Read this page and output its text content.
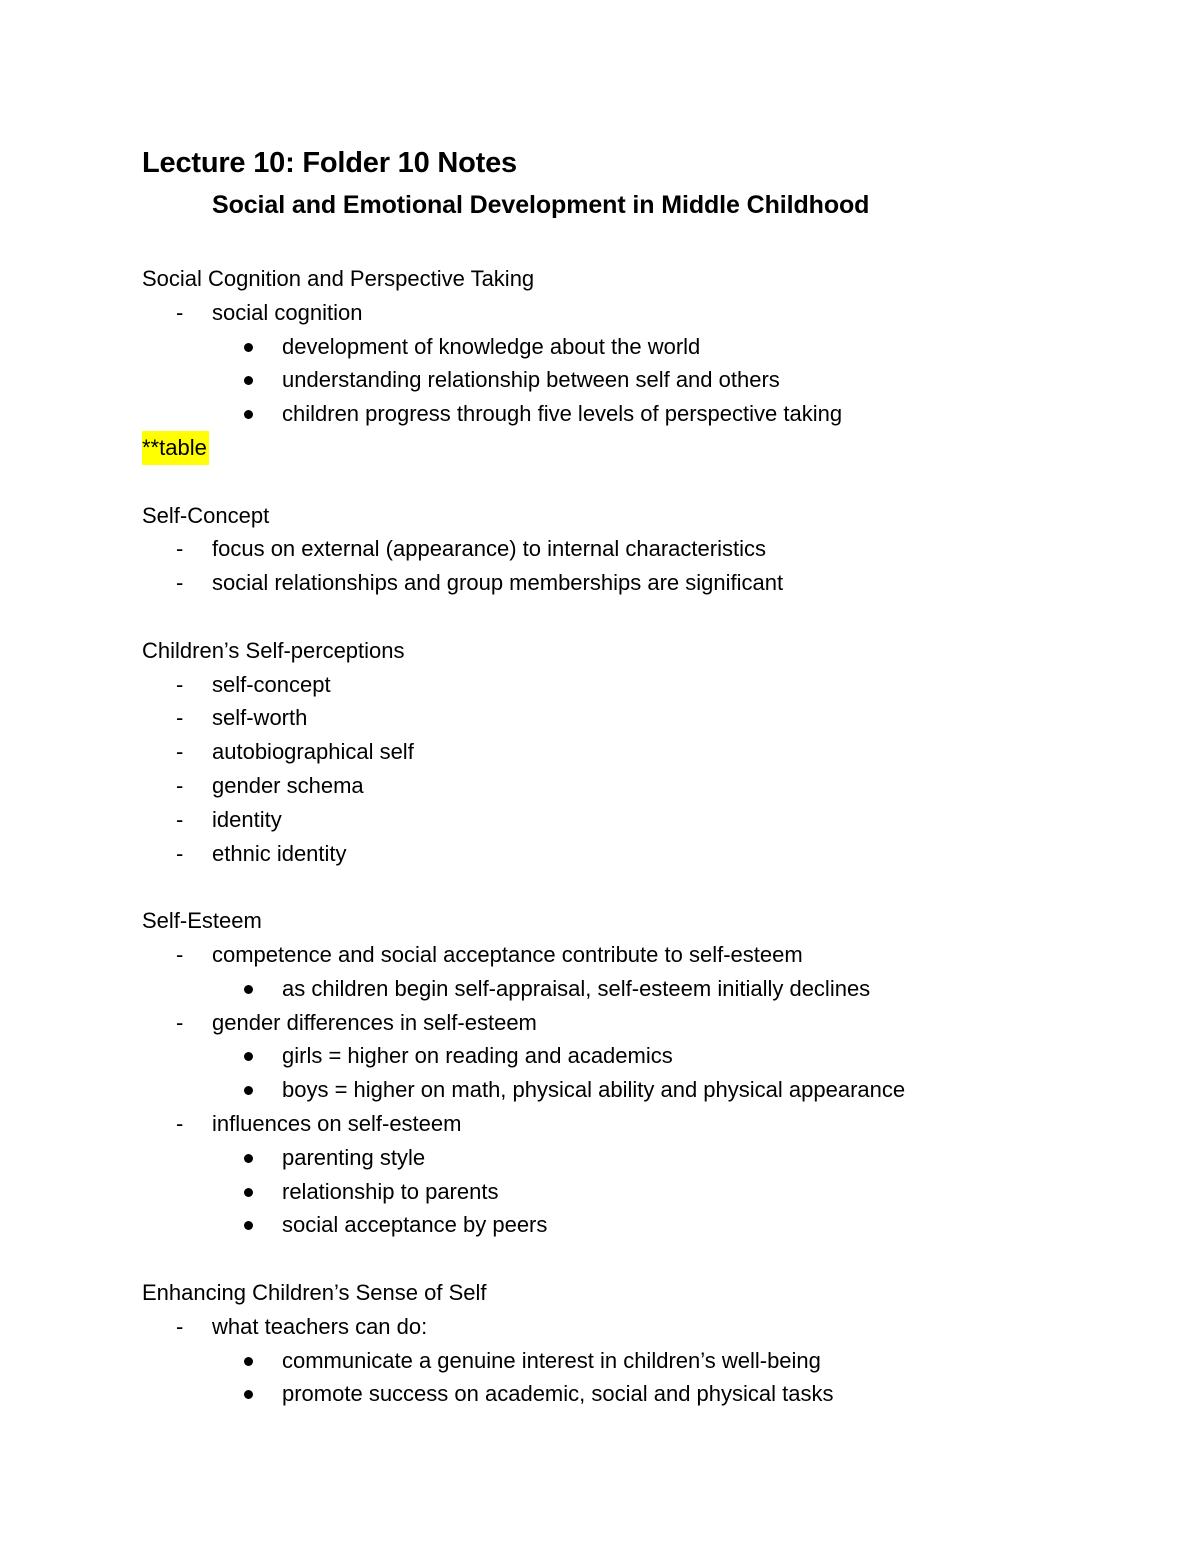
Lecture 10: Folder 10 Notes
Social and Emotional Development in Middle Childhood
Social Cognition and Perspective Taking
-	social cognition
development of knowledge about the world
understanding relationship between self and others
children progress through five levels of perspective taking
**table
Self-Concept
-	focus on external (appearance) to internal characteristics
-	social relationships and group memberships are significant
Children’s Self-perceptions
-	self-concept
-	self-worth
-	autobiographical self
-	gender schema
-	identity
-	ethnic identity
Self-Esteem
-	competence and social acceptance contribute to self-esteem
as children begin self-appraisal, self-esteem initially declines
-	gender differences in self-esteem
girls = higher on reading and academics
boys = higher on math, physical ability and physical appearance
-	influences on self-esteem
parenting style
relationship to parents
social acceptance by peers
Enhancing Children’s Sense of Self
-	what teachers can do:
communicate a genuine interest in children’s well-being
promote success on academic, social and physical tasks
